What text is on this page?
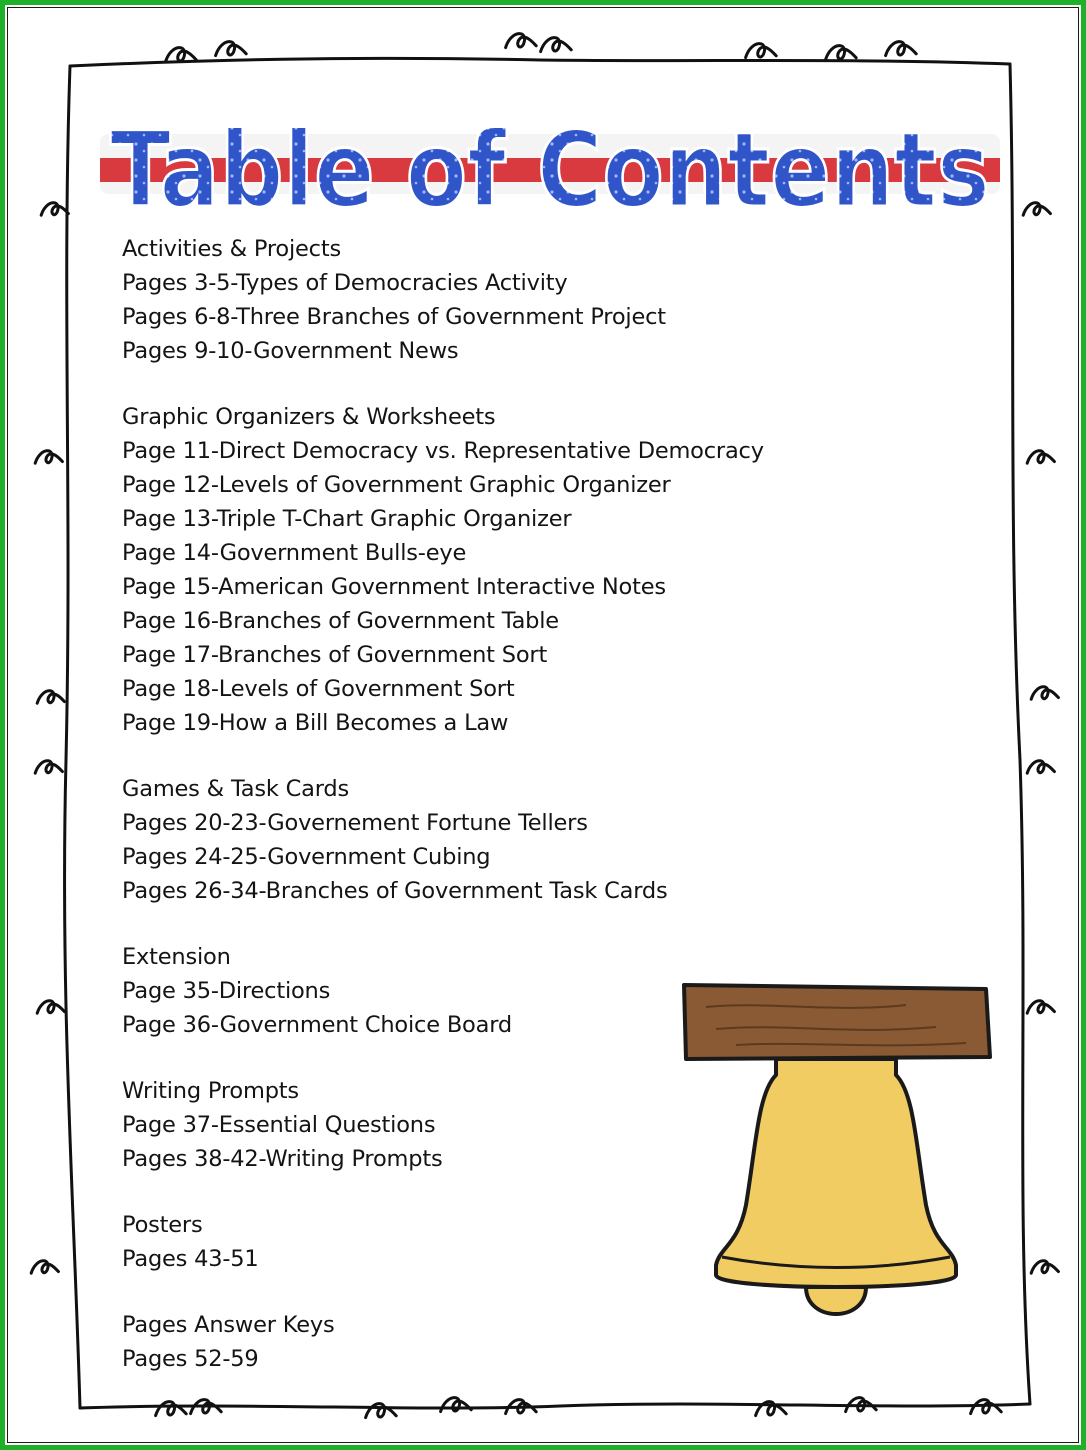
Table of Contents
Activities & Projects
Pages 3-5-Types of Democracies Activity
Pages 6-8-Three Branches of Government Project
Pages 9-10-Government News
Graphic Organizers & Worksheets
Page 11-Direct Democracy vs. Representative Democracy
Page 12-Levels of Government Graphic Organizer
Page 13-Triple T-Chart Graphic Organizer
Page 14-Government Bulls-eye
Page 15-American Government Interactive Notes
Page 16-Branches of Government Table
Page 17-Branches of Government Sort
Page 18-Levels of Government Sort
Page 19-How a Bill Becomes a Law
Games & Task Cards
Pages 20-23-Governement Fortune Tellers
Pages 24-25-Government Cubing
Pages 26-34-Branches of Government Task Cards
Extension
Page 35-Directions
Page 36-Government Choice Board
Writing Prompts
Page 37-Essential Questions
Pages 38-42-Writing Prompts
Posters
Pages 43-51
Pages Answer Keys
Pages 52-59
